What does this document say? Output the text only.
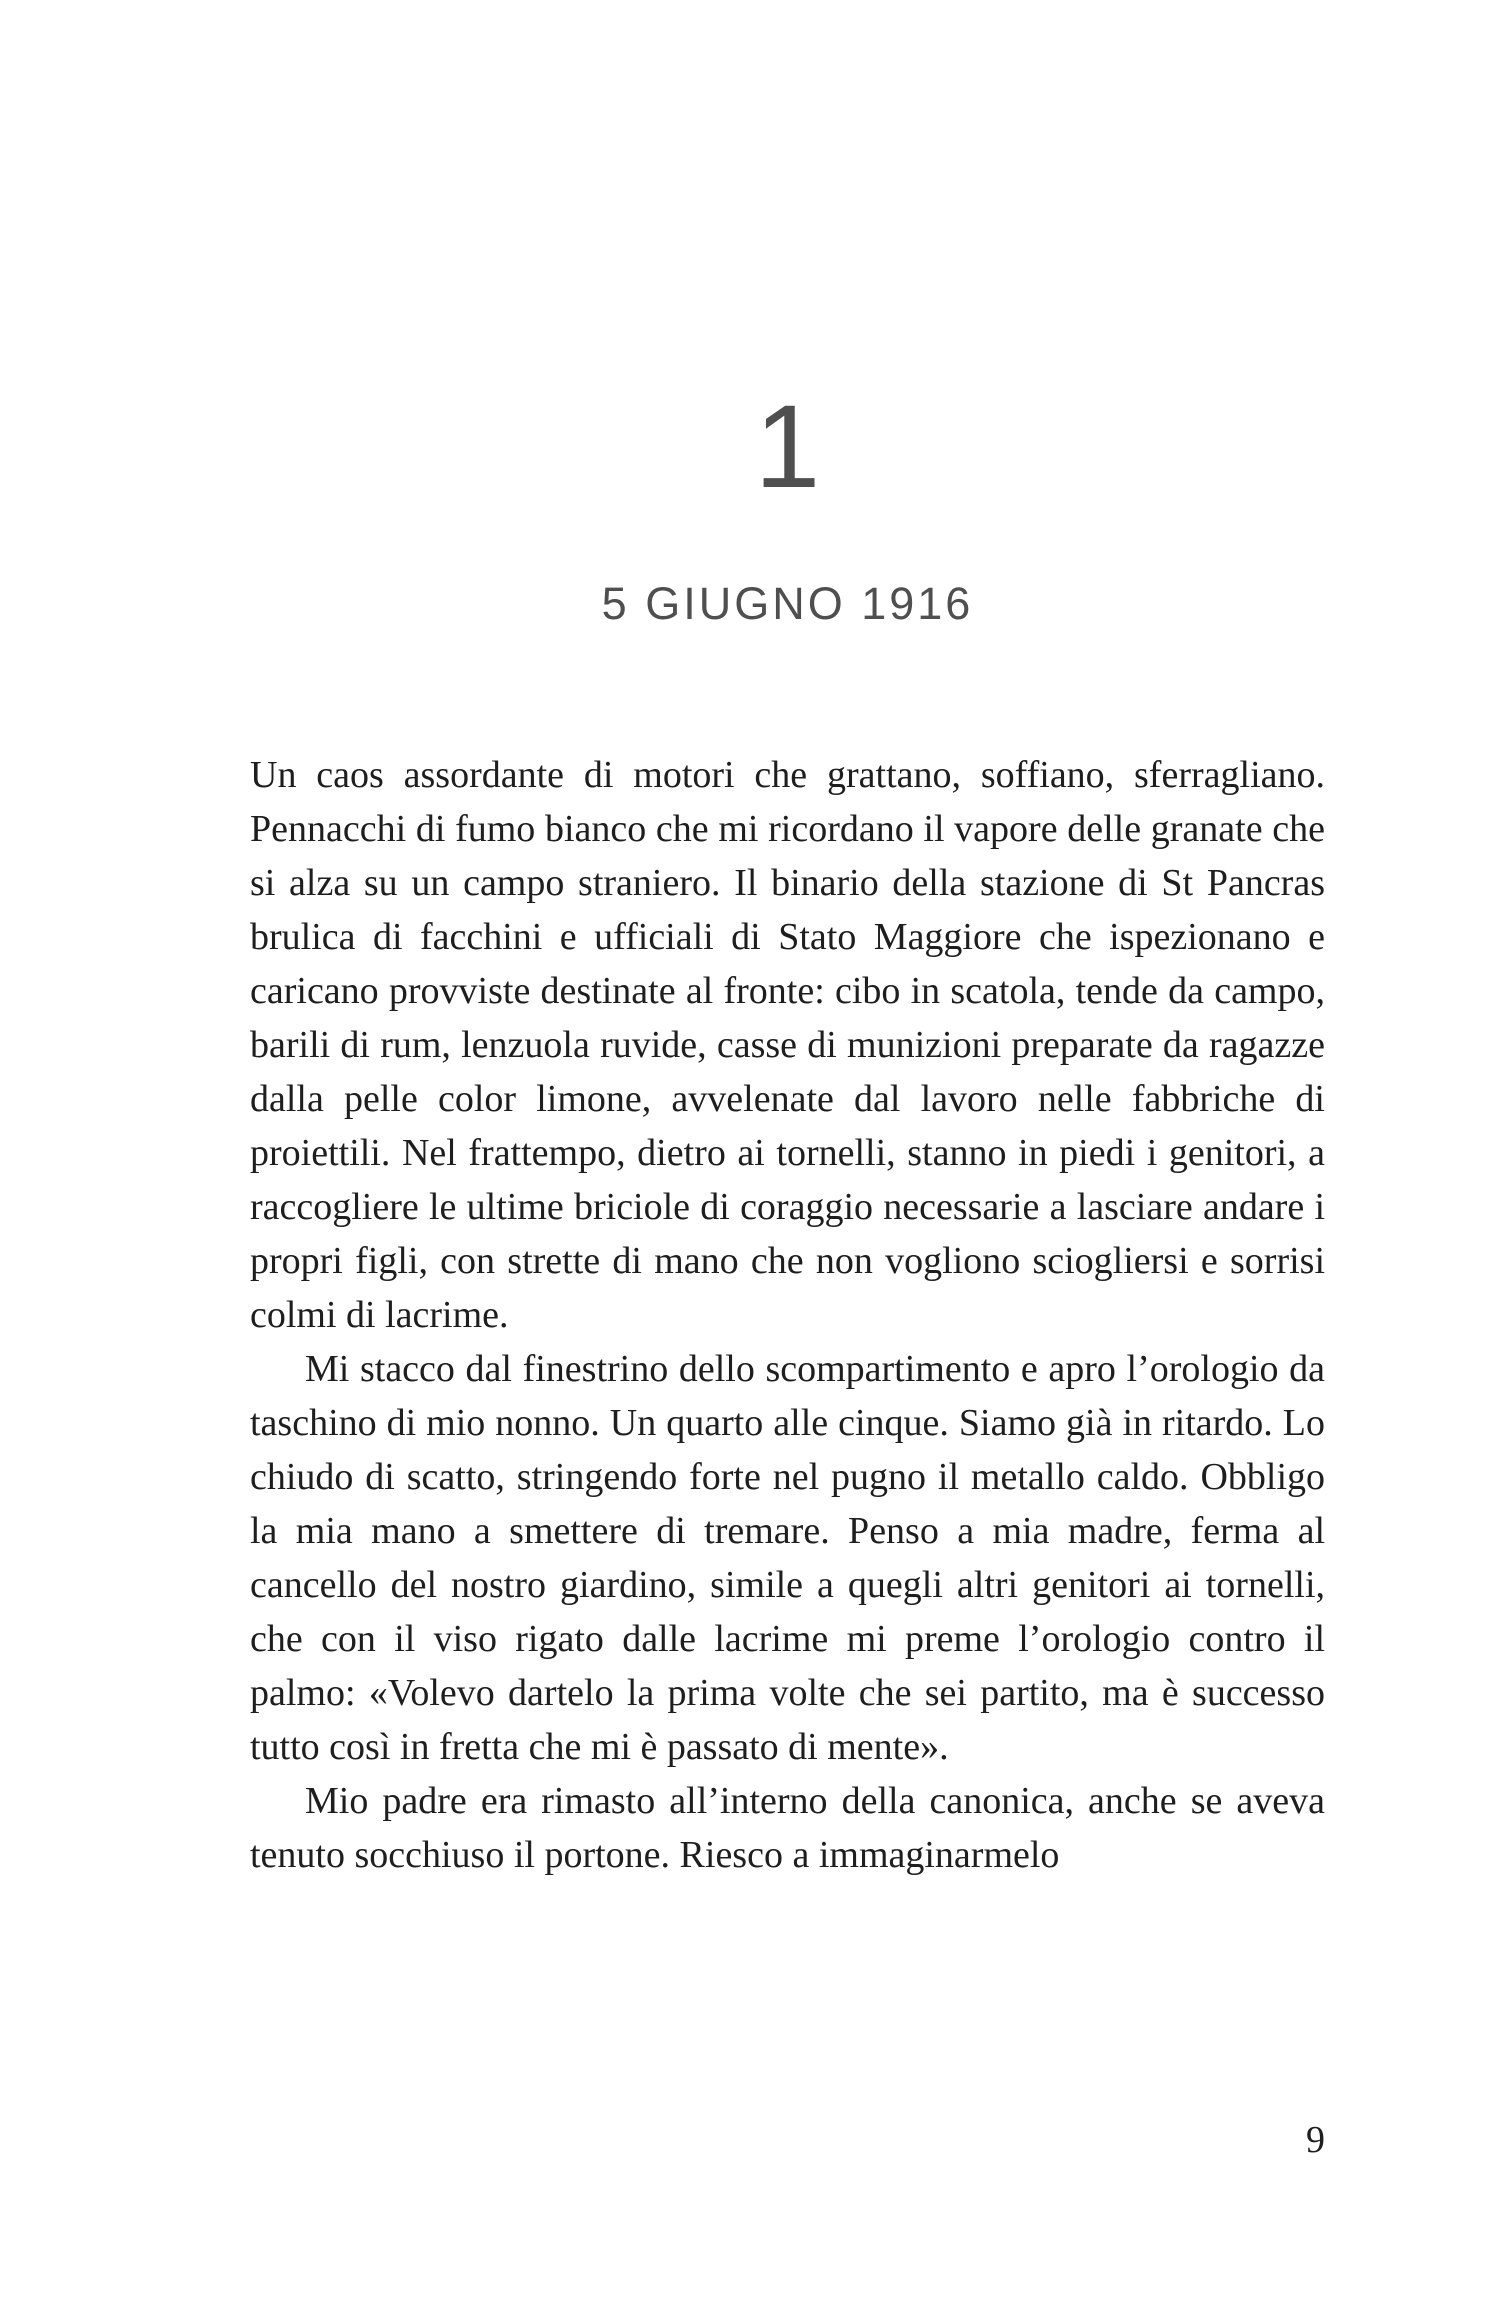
1
5 GIUGNO 1916

Un caos assordante di motori che grattano, soffiano, sferragliano. Pennacchi di fumo bianco che mi ricordano il vapore delle granate che si alza su un campo straniero. Il binario della stazione di St Pancras brulica di facchini e ufficiali di Stato Maggiore che ispezionano e caricano provviste destinate al fronte: cibo in scatola, tende da campo, barili di rum, lenzuola ruvide, casse di munizioni preparate da ragazze dalla pelle color limone, avvelenate dal lavoro nelle fabbriche di proiettili. Nel frattempo, dietro ai tornelli, stanno in piedi i genitori, a raccogliere le ultime briciole di coraggio necessarie a lasciare andare i propri figli, con strette di mano che non vogliono sciogliersi e sorrisi colmi di lacrime.

Mi stacco dal finestrino dello scompartimento e apro l’orologio da taschino di mio nonno. Un quarto alle cinque. Siamo già in ritardo. Lo chiudo di scatto, stringendo forte nel pugno il metallo caldo. Obbligo la mia mano a smettere di tremare. Penso a mia madre, ferma al cancello del nostro giardino, simile a quegli altri genitori ai tornelli, che con il viso rigato dalle lacrime mi preme l’orologio contro il palmo: «Volevo dartelo la prima volte che sei partito, ma è successo tutto così in fretta che mi è passato di mente».

Mio padre era rimasto all’interno della canonica, anche se aveva tenuto socchiuso il portone. Riesco a immaginarmelo

9
